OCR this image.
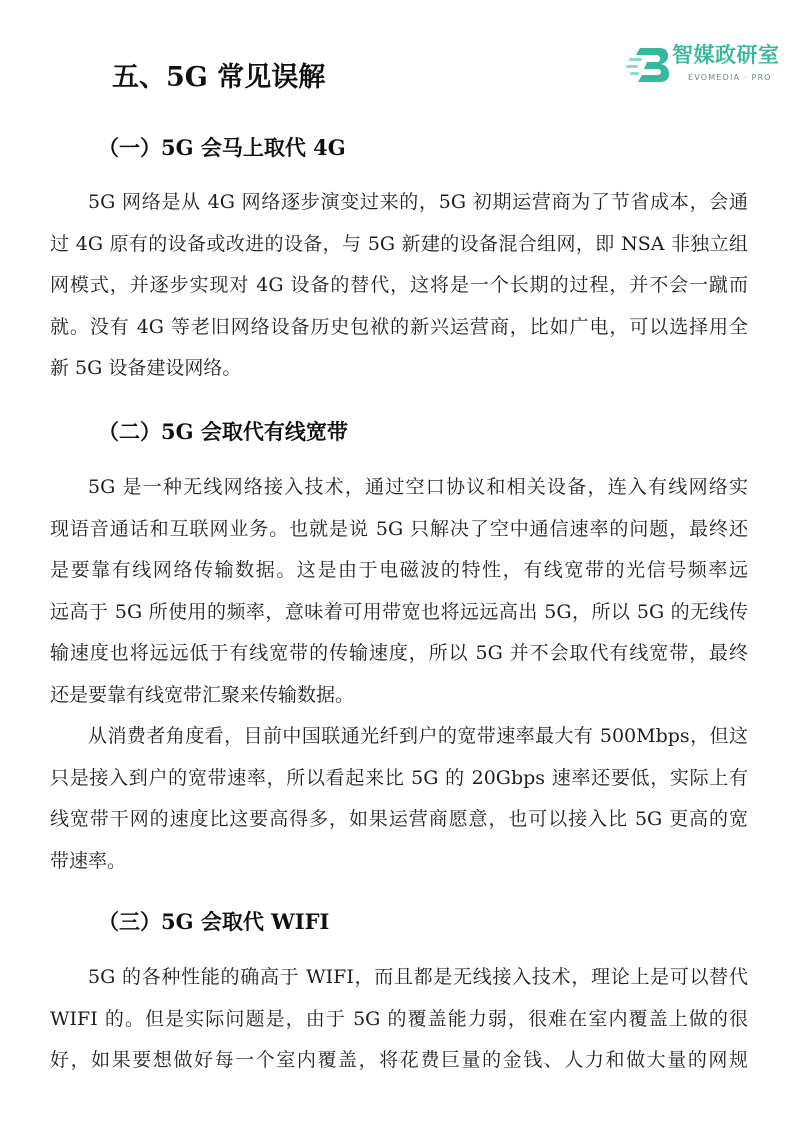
智媒政研室
EVOMEDIA · PRO
五、5G 常见误解
（一）5G 会马上取代 4G
5G 网络是从 4G 网络逐步演变过来的，5G 初期运营商为了节省成本，会通
过 4G 原有的设备或改进的设备，与 5G 新建的设备混合组网，即 NSA 非独立组
网模式，并逐步实现对 4G 设备的替代，这将是一个长期的过程，并不会一蹴而
就。没有 4G 等老旧网络设备历史包袱的新兴运营商，比如广电，可以选择用全
新 5G 设备建设网络。
（二）5G 会取代有线宽带
5G 是一种无线网络接入技术，通过空口协议和相关设备，连入有线网络实
现语音通话和互联网业务。也就是说 5G 只解决了空中通信速率的问题，最终还
是要靠有线网络传输数据。这是由于电磁波的特性，有线宽带的光信号频率远
远高于 5G 所使用的频率，意味着可用带宽也将远远高出 5G，所以 5G 的无线传
输速度也将远远低于有线宽带的传输速度，所以 5G 并不会取代有线宽带，最终
还是要靠有线宽带汇聚来传输数据。
从消费者角度看，目前中国联通光纤到户的宽带速率最大有 500Mbps，但这
只是接入到户的宽带速率，所以看起来比 5G 的 20Gbps 速率还要低，实际上有
线宽带干网的速度比这要高得多，如果运营商愿意，也可以接入比 5G 更高的宽
带速率。
（三）5G 会取代 WIFI
5G 的各种性能的确高于 WIFI，而且都是无线接入技术，理论上是可以替代
WIFI 的。但是实际问题是，由于 5G 的覆盖能力弱，很难在室内覆盖上做的很
好，如果要想做好每一个室内覆盖，将花费巨量的金钱、人力和做大量的网规
